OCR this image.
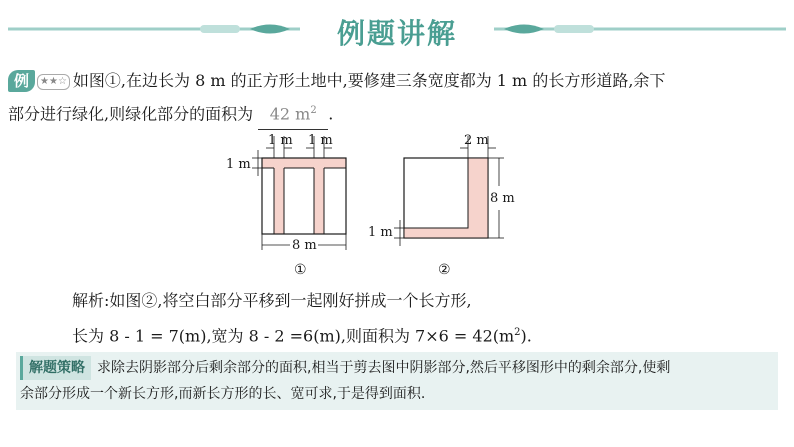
例题讲解
例 ★★☆ 如图①,在边长为 8 m 的正方形土地中,要修建三条宽度都为 1 m 的长方形道路,余下
部分进行绿化,则绿化部分的面积为 42 $m^2$ .
1 m 1 m
1 m
8 m
①
2 m
8 m
1 m
②
解析:如图②,将空白部分平移到一起刚好拼成一个长方形,
长为 8 - 1 = 7(m),宽为 8 - 2 =6(m),则面积为 $7\times 6 = 42(m^2)$.
解题策略 求除去阴影部分后剩余部分的面积,相当于剪去图中阴影部分,然后平移图形中的剩余部分,使剩
余部分形成一个新长方形,而新长方形的长、宽可求,于是得到面积.
